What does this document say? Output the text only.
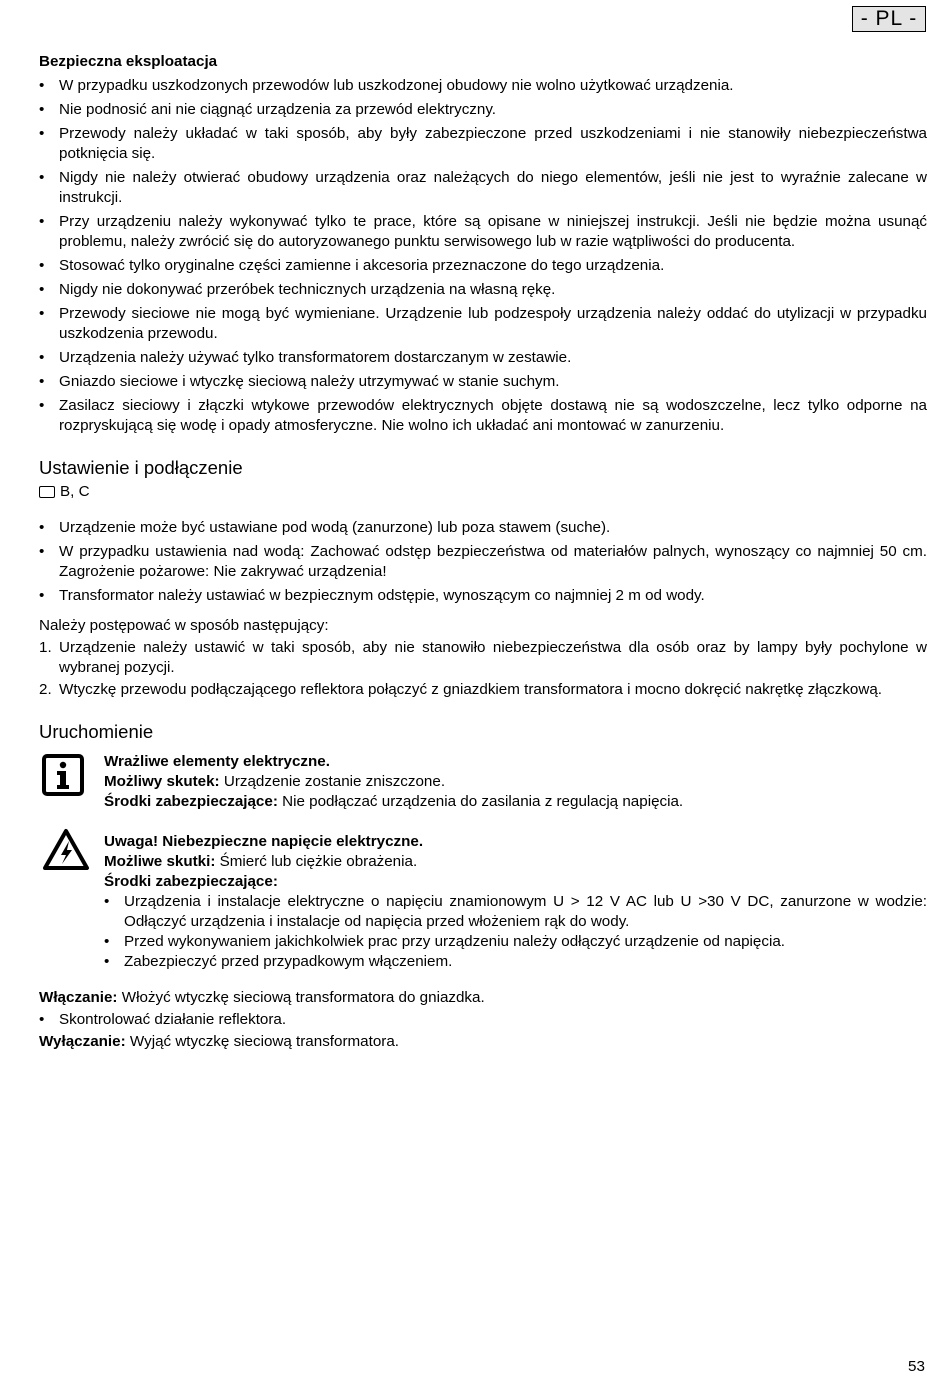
- PL -

Bezpieczna eksploatacja

• W przypadku uszkodzonych przewodów lub uszkodzonej obudowy nie wolno użytkować urządzenia.
• Nie podnosić ani nie ciągnąć urządzenia za przewód elektryczny.
• Przewody należy układać w taki sposób, aby były zabezpieczone przed uszkodzeniami i nie stanowiły niebezpieczeństwa potknięcia się.
• Nigdy nie należy otwierać obudowy urządzenia oraz należących do niego elementów, jeśli nie jest to wyraźnie zalecane w instrukcji.
• Przy urządzeniu należy wykonywać tylko te prace, które są opisane w niniejszej instrukcji. Jeśli nie będzie można usunąć problemu, należy zwrócić się do autoryzowanego punktu serwisowego lub w razie wątpliwości do producenta.
• Stosować tylko oryginalne części zamienne i akcesoria przeznaczone do tego urządzenia.
• Nigdy nie dokonywać przeróbek technicznych urządzenia na własną rękę.
• Przewody sieciowe nie mogą być wymieniane. Urządzenie lub podzespoły urządzenia należy oddać do utylizacji w przypadku uszkodzenia przewodu.
• Urządzenia należy używać tylko transformatorem dostarczanym w zestawie.
• Gniazdo sieciowe i wtyczkę sieciową należy utrzymywać w stanie suchym.
• Zasilacz sieciowy i złączki wtykowe przewodów elektrycznych objęte dostawą nie są wodoszczelne, lecz tylko odporne na rozpryskującą się wodę i opady atmosferyczne. Nie wolno ich układać ani montować w zanurzeniu.

Ustawienie i podłączenie

B, C
• Urządzenie może być ustawiane pod wodą (zanurzone) lub poza stawem (suche).
• W przypadku ustawienia nad wodą: Zachować odstęp bezpieczeństwa od materiałów palnych, wynoszący co najmniej 50 cm. Zagrożenie pożarowe: Nie zakrywać urządzenia!
• Transformator należy ustawiać w bezpiecznym odstępie, wynoszącym co najmniej 2 m od wody.

Należy postępować w sposób następujący:

1. Urządzenie należy ustawić w taki sposób, aby nie stanowiło niebezpieczeństwa dla osób oraz by lampy były pochylone w wybranej pozycji.
2. Wtyczkę przewodu podłączającego reflektora połączyć z gniazdkiem transformatora i mocno dokręcić nakrętkę złączkową.

Uruchomienie

Wrażliwe elementy elektryczne.

Możliwy skutek: Urządzenie zostanie zniszczone.

Środki zabezpieczające: Nie podłączać urządzenia do zasilania z regulacją napięcia.

Uwaga! Niebezpieczne napięcie elektryczne.

Możliwe skutki: Śmierć lub ciężkie obrażenia.

Środki zabezpieczające:

• Urządzenia i instalacje elektryczne o napięciu znamionowym U > 12 V AC lub U >30 V DC, zanurzone w wodzie: Odłączyć urządzenia i instalacje od napięcia przed włożeniem rąk do wody.
• Przed wykonywaniem jakichkolwiek prac przy urządzeniu należy odłączyć urządzenie od napięcia.
• Zabezpieczyć przed przypadkowym włączeniem.

Włączanie: Włożyć wtyczkę sieciową transformatora do gniazdka.

• Skontrolować działanie reflektora.

Wyłączanie: Wyjąć wtyczkę sieciową transformatora.

53
